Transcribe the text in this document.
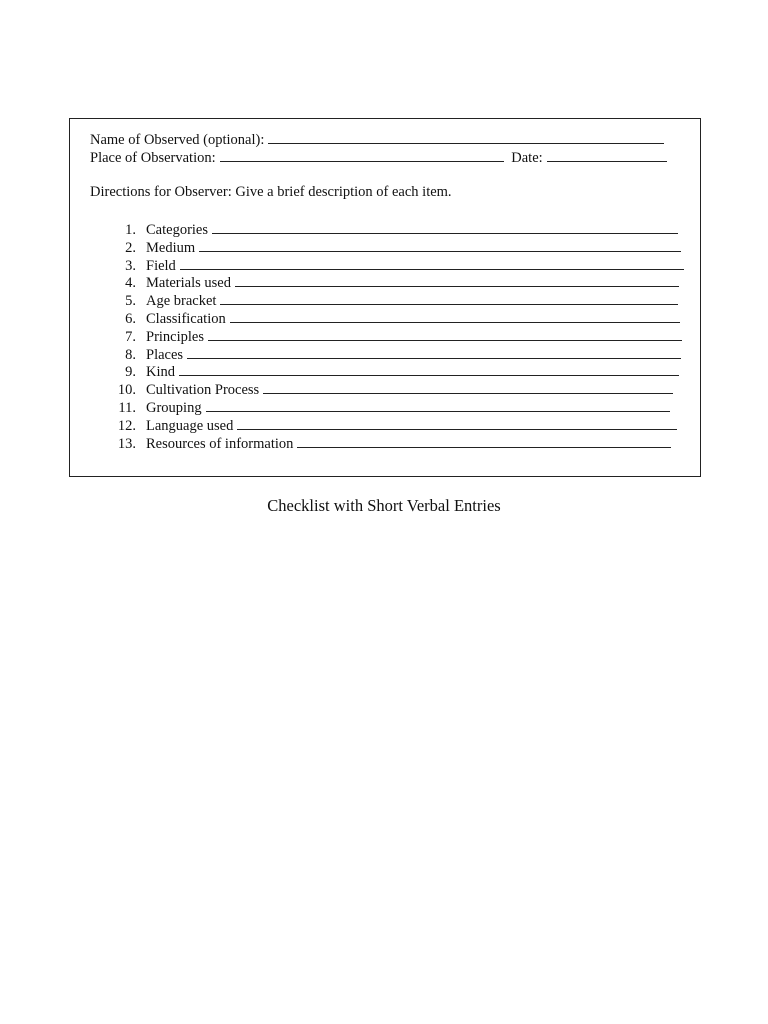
Name of Observed (optional):
Place of Observation:	Date:
Directions for Observer: Give a brief description of each item.
1. Categories
2. Medium
3. Field
4. Materials used
5. Age bracket
6. Classification
7. Principles
8. Places
9. Kind
10. Cultivation Process
11. Grouping
12. Language used
13. Resources of information
Checklist with Short Verbal Entries
